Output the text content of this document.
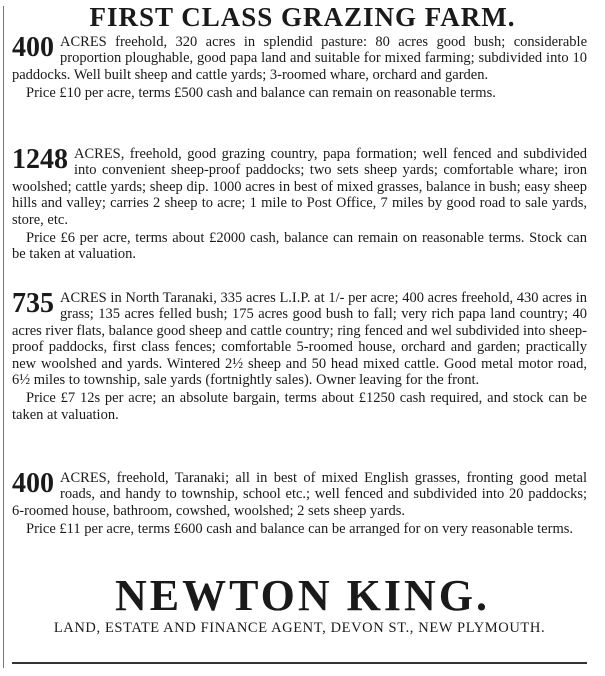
FIRST CLASS GRAZING FARM.
400 ACRES freehold, 320 acres in splendid pasture: 80 acres good bush; considerable proportion ploughable, good papa land and suitable for mixed farming; subdivided into 10 paddocks. Well built sheep and cattle yards; 3-roomed whare, orchard and garden.

Price £10 per acre, terms £500 cash and balance can remain on reasonable terms.

1248 ACRES, freehold, good grazing country, papa formation; well fenced and subdivided into convenient sheep-proof paddocks; two sets sheep yards; comfortable whare; iron woolshed; cattle yards; sheep dip. 1000 acres in best of mixed grasses, balance in bush; easy sheep hills and valley; carries 2 sheep to acre; 1 mile to Post Office, 7 miles by good road to sale yards, store, etc.

Price £6 per acre, terms about £2000 cash, balance can remain on reasonable terms. Stock can be taken at valuation.

735 ACRES in North Taranaki, 335 acres L.I.P. at 1/- per acre; 400 acres freehold, 430 acres in grass; 135 acres felled bush; 175 acres good bush to fall; very rich papa land country; 40 acres river flats, balance good sheep and cattle country; ring fenced and wel subdivided into sheep-proof paddocks, first class fences; comfortable 5-roomed house, orchard and garden; practically new woolshed and yards. Wintered 2½ sheep and 50 head mixed cattle. Good metal motor road, 6½ miles to township, sale yards (fortnightly sales). Owner leaving for the front.

Price £7 12s per acre; an absolute bargain, terms about £1250 cash required, and stock can be taken at valuation.

400 ACRES, freehold, Taranaki; all in best of mixed English grasses, fronting good metal roads, and handy to township, school etc.; well fenced and subdivided into 20 paddocks; 6-roomed house, bathroom, cowshed, woolshed; 2 sets sheep yards.

Price £11 per acre, terms £600 cash and balance can be arranged for on very reasonable terms.

NEWTON KING.
LAND, ESTATE AND FINANCE AGENT, DEVON ST., NEW PLYMOUTH.
